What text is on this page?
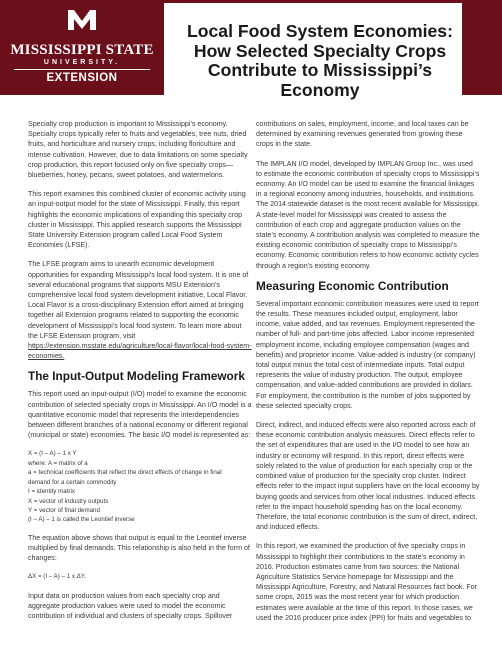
MISSISSIPPI STATE
UNIVERSITY.
EXTENSION
Local Food System Economies:
How Selected Specialty Crops
Contribute to Mississippi’s Economy

Specialty crop production is important to Mississippi’s economy. Specialty crops typically refer to fruits and vegetables, tree nuts, dried fruits, and horticulture and nursery crops, including floriculture and intense cultivation. However, due to data limitations on some specialty crop production, this report focused only on five specialty crops—blueberries, honey, pecans, sweet potatoes, and watermelons.

This report examines this combined cluster of economic activity using an input-output model for the state of Mississippi. Finally, this report highlights the economic implications of expanding this specialty crop cluster in Mississippi. This applied research supports the Mississippi State University Extension program called Local Food System Economies (LFSE).

The LFSE program aims to unearth economic development opportunities for expanding Mississippi’s local food system. It is one of several educational programs that supports MSU Extension’s comprehensive local food system development initiative, Local Flavor. Local Flavor is a cross-disciplinary Extension effort aimed at bringing together all Extension programs related to supporting the economic development of Mississippi’s local food system. To learn more about the LFSE Extension program, visit https://extension.msstate.edu/agriculture/local-flavor/local-food-system-economies.

The Input-Output Modeling Framework

This report used an input-output (I/O) model to examine the economic contribution of selected specialty crops in Mississippi. An I/O model is a quantitative economic model that represents the interdependencies between different branches of a national economy or different regional (municipal or state) economies. The basic I/O model is represented as:

X = (I – A) – 1 x Y

where: A = matrix of a

a = technical coefficients that reflect the direct effects of change in final

demand for a certain commodity

I = identity matrix

X = vector of industry outputs

Y = vector of final demand

(I – A) – 1 is called the Leontief inverse

The equation above shows that output is equal to the Leontief inverse multiplied by final demands. This relationship is also held in the form of changes:

ΔX = (I – A) – 1 x ΔY.

Input data on production values from each specialty crop and aggregate production values were used to model the economic contribution of individual and clusters of specialty crops. Spillover

contributions on sales, employment, income, and local taxes can be determined by examining revenues generated from growing these crops in the state.

The IMPLAN I/O model, developed by IMPLAN Group Inc., was used to estimate the economic contribution of specialty crops to Mississippi’s economy. An I/O model can be used to examine the financial linkages in a regional economy among industries, households, and institutions. The 2014 statewide dataset is the most recent available for Mississippi. A state-level model for Mississippi was created to assess the contribution of each crop and aggregate production values on the state’s economy. A contribution analysis was completed to measure the existing economic contribution of specialty crops to Mississippi’s economy. Economic contribution refers to how economic activity cycles through a region’s existing economy.

Measuring Economic Contribution

Several important economic contribution measures were used to report the results. These measures included output, employment, labor income, value added, and tax revenues. Employment represented the number of full- and part-time jobs affected. Labor income represented employment income, including employee compensation (wages and benefits) and proprietor income. Value-added is industry (or company) total output minus the total cost of intermediate inputs. Total output represents the value of industry production. The output, employee compensation, and value-added contributions are provided in dollars. For employment, the contribution is the number of jobs supported by these selected specialty crops.

Direct, indirect, and induced effects were also reported across each of these economic contribution analysis measures. Direct effects refer to the set of expenditures that are used in the I/O model to see how an industry or economy will respond. In this report, direct effects were solely related to the value of production for each specialty crop or the combined value of production for the specialty crop cluster. Indirect effects refer to the impact input suppliers have on the local economy by buying goods and services from other local industries. Induced effects refer to the impact household spending has on the local economy. Therefore, the total economic contribution is the sum of direct, indirect, and induced effects.

In this report, we examined the production of five specialty crops in Mississippi to highlight their contributions to the state’s economy in 2016. Production estimates came from two sources: the National Agriculture Statistics Service homepage for Mississippi and the Mississippi Agriculture, Forestry, and Natural Resources fact book. For some crops, 2015 was the most recent year for which production estimates were available at the time of this report. In those cases, we used the 2016 producer price index (PPI) for fruits and vegetables to
